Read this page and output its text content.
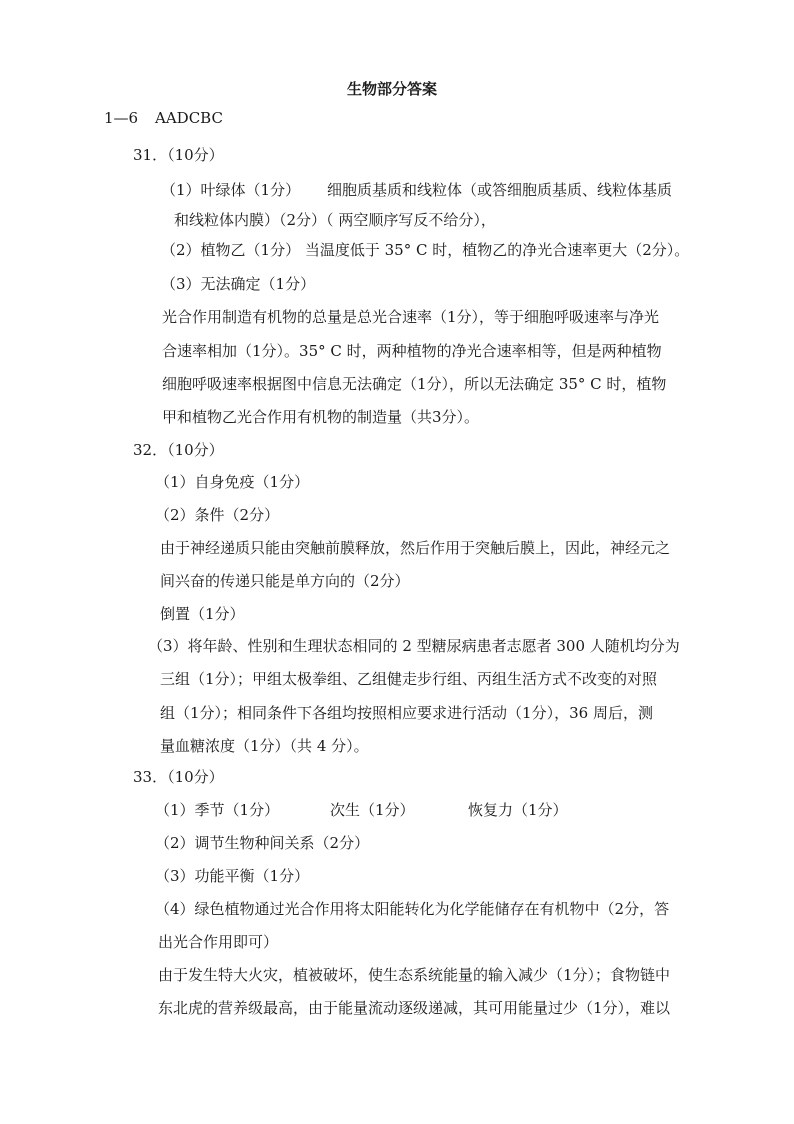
生物部分答案
1—6 AADCBC
31．（10分）
（1）叶绿体（1分） 细胞质基质和线粒体（或答细胞质基质、线粒体基质
和线粒体内膜）（2分）（ 两空顺序写反不给分），
（2）植物乙（1分） 当温度低于 35° C 时，植物乙的净光合速率更大（2分）。
（3）无法确定（1分）
光合作用制造有机物的总量是总光合速率（1分），等于细胞呼吸速率与净光
合速率相加（1分）。35° C 时，两种植物的净光合速率相等，但是两种植物
细胞呼吸速率根据图中信息无法确定（1分），所以无法确定 35° C 时，植物
甲和植物乙光合作用有机物的制造量（共3分）。
32．（10分）
（1）自身免疫（1分）
（2）条件（2分）
由于神经递质只能由突触前膜释放，然后作用于突触后膜上，因此，神经元之
间兴奋的传递只能是单方向的（2分）
倒置（1分）
（3）将年龄、性别和生理状态相同的 2 型糖尿病患者志愿者 300 人随机均分为
三组（1分）；甲组太极拳组、乙组健走步行组、丙组生活方式不改变的对照
组（1分）；相同条件下各组均按照相应要求进行活动（1分），36 周后，测
量血糖浓度（1分）（共 4 分）。
33．（10分）
（1）季节（1分）	次生（1分）	恢复力（1分）
（2）调节生物种间关系（2分）
（3）功能平衡（1分）
（4）绿色植物通过光合作用将太阳能转化为化学能储存在有机物中（2分，答
出光合作用即可）
由于发生特大火灾，植被破坏，使生态系统能量的输入减少（1分）；食物链中
东北虎的营养级最高，由于能量流动逐级递减，其可用能量过少（1分），难以
